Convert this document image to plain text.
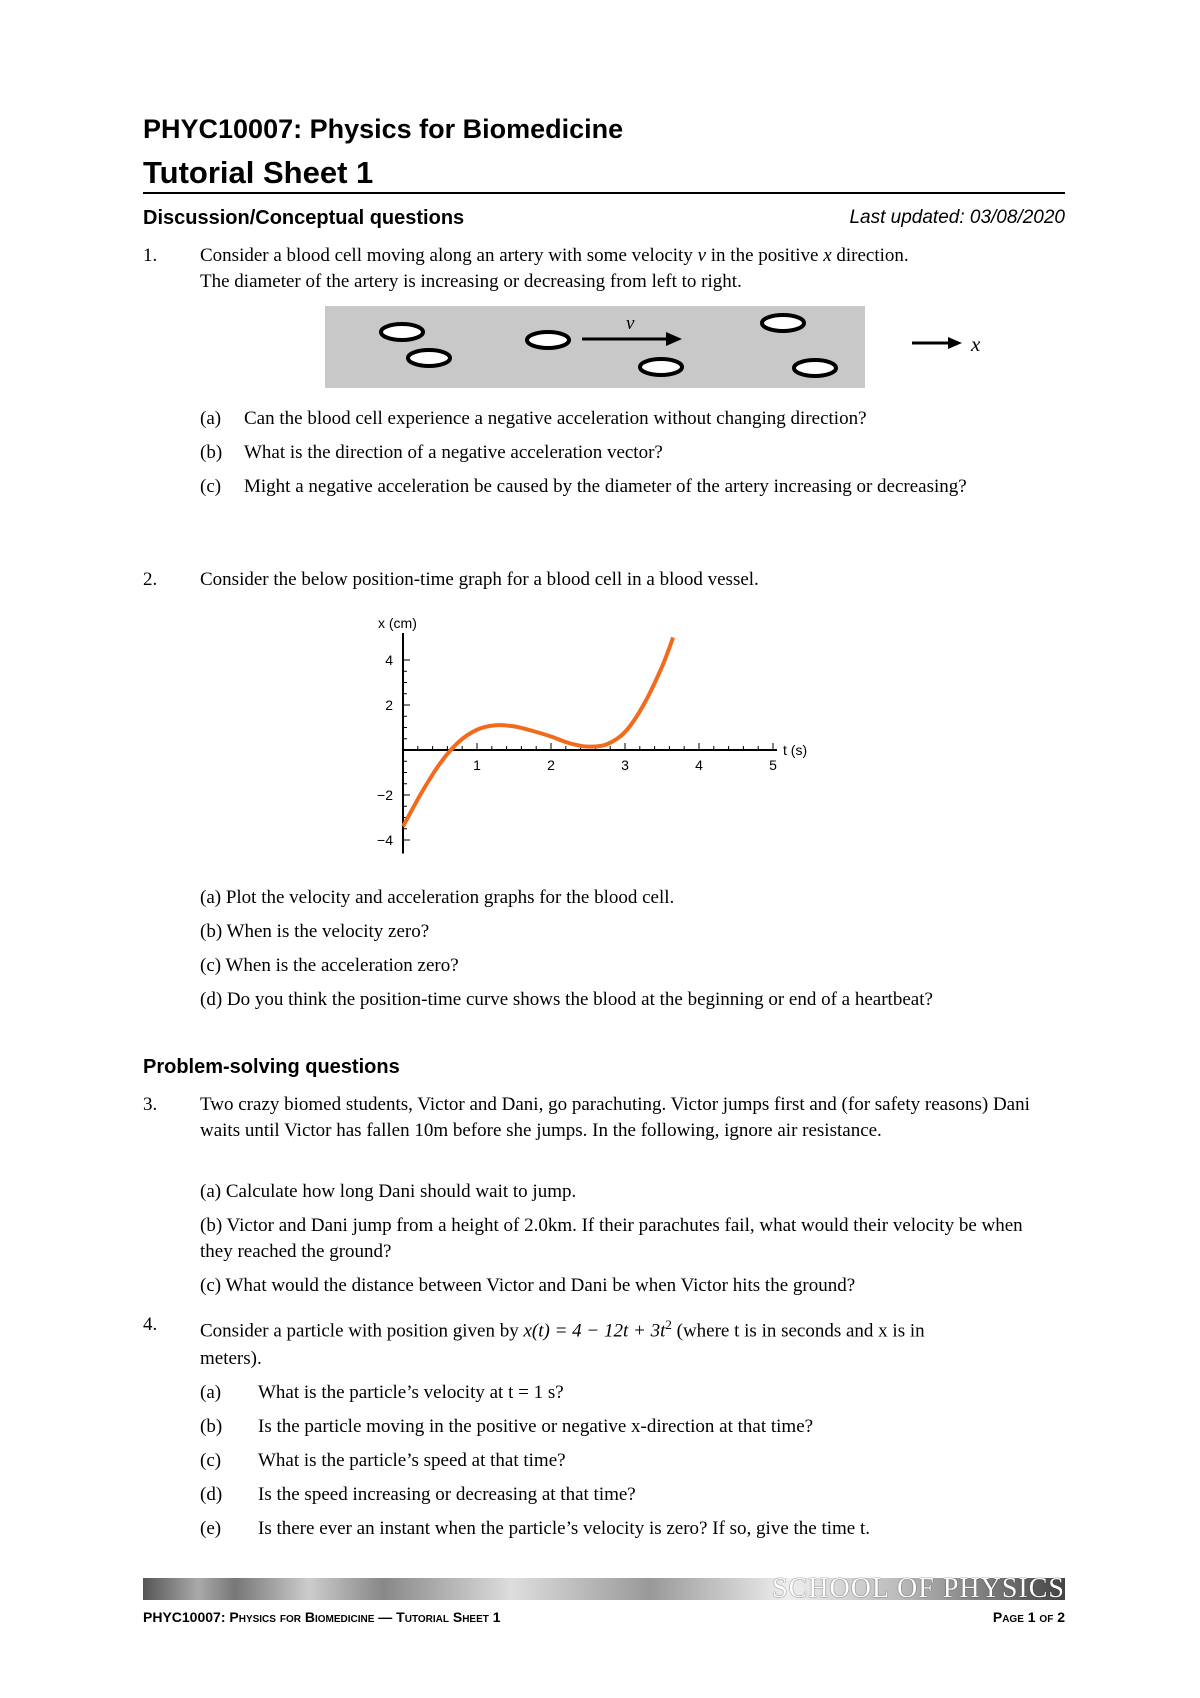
PHYC10007: Physics for Biomedicine
Tutorial Sheet 1
Discussion/Conceptual questions	Last updated: 03/08/2020
1. Consider a blood cell moving along an artery with some velocity v in the positive x direction.
The diameter of the artery is increasing or decreasing from left to right.
v
x
(a) Can the blood cell experience a negative acceleration without changing direction?
(b) What is the direction of a negative acceleration vector?
(c) Might a negative acceleration be caused by the diameter of the artery increasing or decreasing?
2. Consider the below position-time graph for a blood cell in a blood vessel.
1	2	3	4	5
4
2
−2
−4
x (cm)
t (s)
(a) Plot the velocity and acceleration graphs for the blood cell.
(b) When is the velocity zero?
(c) When is the acceleration zero?
(d) Do you think the position-time curve shows the blood at the beginning or end of a heartbeat?
Problem-solving questions
3. Two crazy biomed students, Victor and Dani, go parachuting. Victor jumps first and (for safety reasons) Dani waits until Victor has fallen 10m before she jumps. In the following, ignore air resistance.
(a) Calculate how long Dani should wait to jump.
(b) Victor and Dani jump from a height of 2.0km. If their parachutes fail, what would their velocity be when they reached the ground?
(c) What would the distance between Victor and Dani be when Victor hits the ground?
4. Consider a particle with position given by $x(t) = 4 - 12t + 3t^2$ (where t is in seconds and x is in
meters).
(a) What is the particle’s velocity at t = 1 s?
(b) Is the particle moving in the positive or negative x-direction at that time?
(c) What is the particle’s speed at that time?
(d) Is the speed increasing or decreasing at that time?
(e) Is there ever an instant when the particle’s velocity is zero? If so, give the time t.
SCHOOL OF PHYSICS
PHYC10007: Physics for Biomedicine — Tutorial Sheet 1	Page 1 of 2
